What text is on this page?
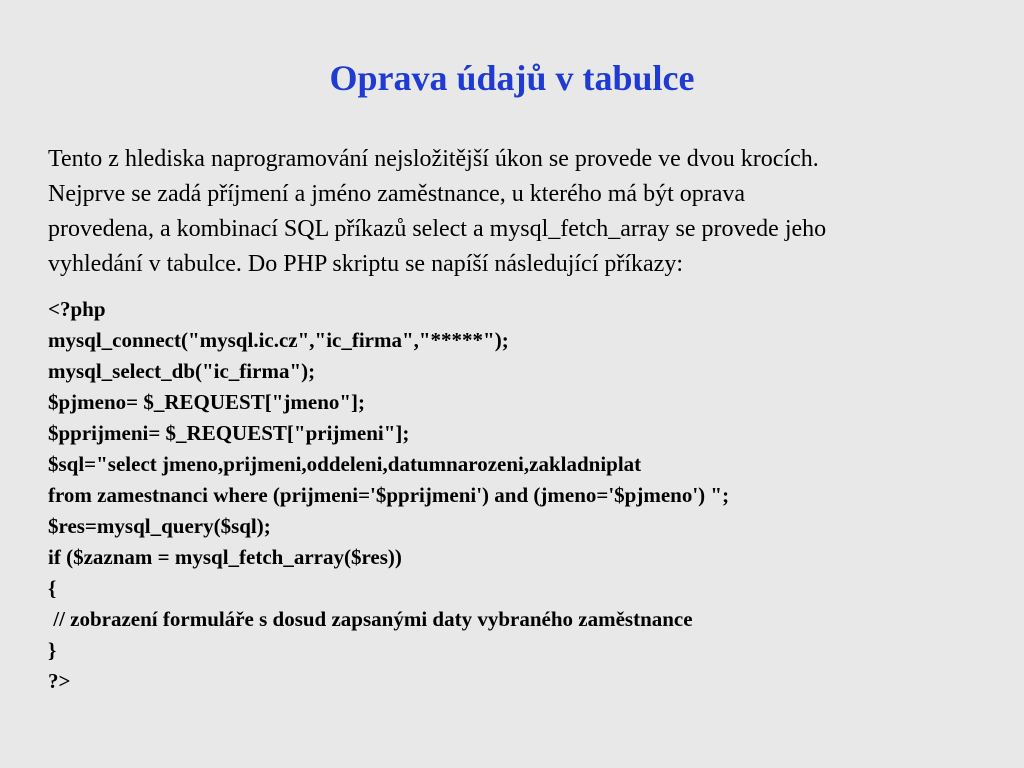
Oprava údajů v tabulce
Tento z hlediska naprogramování nejsložitější úkon se provede ve dvou krocích.
Nejprve se zadá příjmení a jméno zaměstnance, u kterého má být oprava
provedena, a kombinací SQL příkazů select a mysql_fetch_array se provede jeho
vyhledání v tabulce. Do PHP skriptu se napíší následující příkazy:
<?php
mysql_connect("mysql.ic.cz","ic_firma","*****");
mysql_select_db("ic_firma");
$pjmeno= $_REQUEST["jmeno"];
$pprijmeni= $_REQUEST["prijmeni"];
$sql="select jmeno,prijmeni,oddeleni,datumnarozeni,zakladniplat
from zamestnanci where (prijmeni='$pprijmeni') and (jmeno='$pjmeno') ";
$res=mysql_query($sql);
if ($zaznam = mysql_fetch_array($res))
{
// zobrazení formuláře s dosud zapsanými daty vybraného zaměstnance
}
?>
